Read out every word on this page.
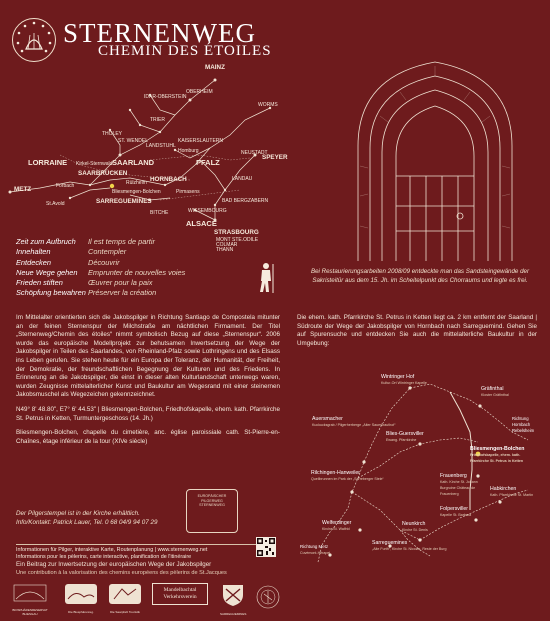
STERNENWEG
CHEMIN DES ÉTOILES
MAINZ
IDAR-OBERSTEIN
OBERHEIM
WORMS
TRIER
THOLEY
ST. WENDEL
LANDSTUHL
KAISERSLAUTERN
LORRAINE Kirkel-Sternwald SAARLAND	PFALZ
NEUSTADT
SPEYER
SAARBRÜCKEN
HORNBACH	LANDAU
METZ
SARREGUEMINES
BITCHE	WISSEMBOURG
BAD BERGZABERN
ALSACE
STRASBOURG
MONT STE.ODILE
COLMAR
THANN
Bliesmengen-Bolchen
Forbach
St.Avold
Rülzheim
Pirmasens
Homburg
Bei Restaurierungsarbeiten 2008/09 entdeckte man das Sandsteingewände der Sakristeitür aus dem 15. Jh. im Scheitelpunkt des Chorraums und legte es frei.
Zeit zum Aufbruch	Il est temps de partir
Innehalten	Contempler
Entdecken	Découvrir
Neue Wege gehen	Emprunter de nouvelles voies
Frieden stiften	Œuvrer pour la paix
Schöpfung bewahren Préserver la création

Im Mittelalter orientierten sich die Jakobspilger in Richtung Santiago de Compostela mitunter an der feinen Sternenspur der Milchstraße am nächtlichen Firmament. Der Titel „Sternenweg/Chemin des étoiles“ nimmt symbolisch Bezug auf diese „Sternenspur“. 2006 wurde das europäische Modellprojekt zur behutsamen Inwertsetzung der Wege der Jakobspilger in Teilen des Saarlandes, von Rheinland-Pfalz sowie Lothringens und des Elsass ins Leben gerufen. Sie stehen heute für ein Europa der Toleranz, der Humanität, der Freiheit, der Demokratie, der freundschaftlichen Begegnung der Kulturen und des Friedens. In Erinnerung an die Jakobspilger, die einst in dieser alten Kulturlandschaft unterwegs waren, wurden Zeugnisse mittelalterlicher Kunst und Baukultur am Wegesrand mit einer steinernen Jakobsmuschel als Wegezeichen gekennzeichnet.

N49° 8' 48.80", E7° 6' 44.53" | Bliesmengen-Bolchen, Friedhofskapelle, ehem. kath. Pfarrkirche St. Petrus in Ketten, Turmuntergeschoss (14. Jh.)

Bliesmengen-Bolchen, chapelle du cimetière, anc. église paroissiale cath. St-Pierre-en-Chaînes, étage inférieur de la tour (XIVe siècle)

Die ehem. kath. Pfarrkirche St. Petrus in Ketten liegt ca. 2 km entfernt der Saarland | Südroute der Wege der Jakobspilger von Hornbach nach Sarreguemind. Gehen Sie auf Spurensuche und entdecken Sie auch die mittelalterliche Baukultur in der Umgebung:
Wintringer Hof
Kultur-Ort Wintringer Kapelle
Gräfinthal
Kloster Gräfinthal
Richtung Hornbach Rebelsheim
Auersmacher
Kuckucksgrab / Pilgerherberge „Alter Sauerkrauthof“
Blies-Guersviller
Ewang. Pfarrkirche
Bliesmengen-Bolchen
Friedhofskapelle, ehem. kath. Pfarrkirche St. Petrus in Ketten
Rilchingen-Hanweiler
Quellbrunnen im Park der „Sarreberger Stele“	Frauenberg
Kath. Kirche St. Johann Burgruine Château de Frauenberg
Habkirchen
Kath. Pfarrkirche St. Martin
Folpersviller
Kapelle St. Barbara
Neunkirch
Kirche St. Denis
Welferdinger
Kirche St. Walfrid
Sarreguemines
„Alte Furth“, Kirche St. Nicolas, Reste der Burg
Richtung Metz
Cuvémont-Hérapel
Der Pilgerstempel ist in der Kirche erhältlich.
Info/Kontakt: Patrick Lauer, Tel. 0 68 04/9 94 07 29
EUROPÄISCHER PILGERWEG STERNENWEG
Informationen für Pilger, interaktive Karte, Routenplanung | www.sternenweg.net
Informations pour les pèlerins, carte interactive, planification de l'itinéraire
Ein Beitrag zur Inwertsetzung der europäischen Wege der Jakobspilger
Une contribution à la valorisation des chemins européens des pèlerins de St.Jacques
BIOSPHÄRENRESERVAT BLIESGAU	Die Biosphärenreg.	Die Saarpfalz Touristik
Mandelbachtal Verkehrsverein
SARREGUEMINES
